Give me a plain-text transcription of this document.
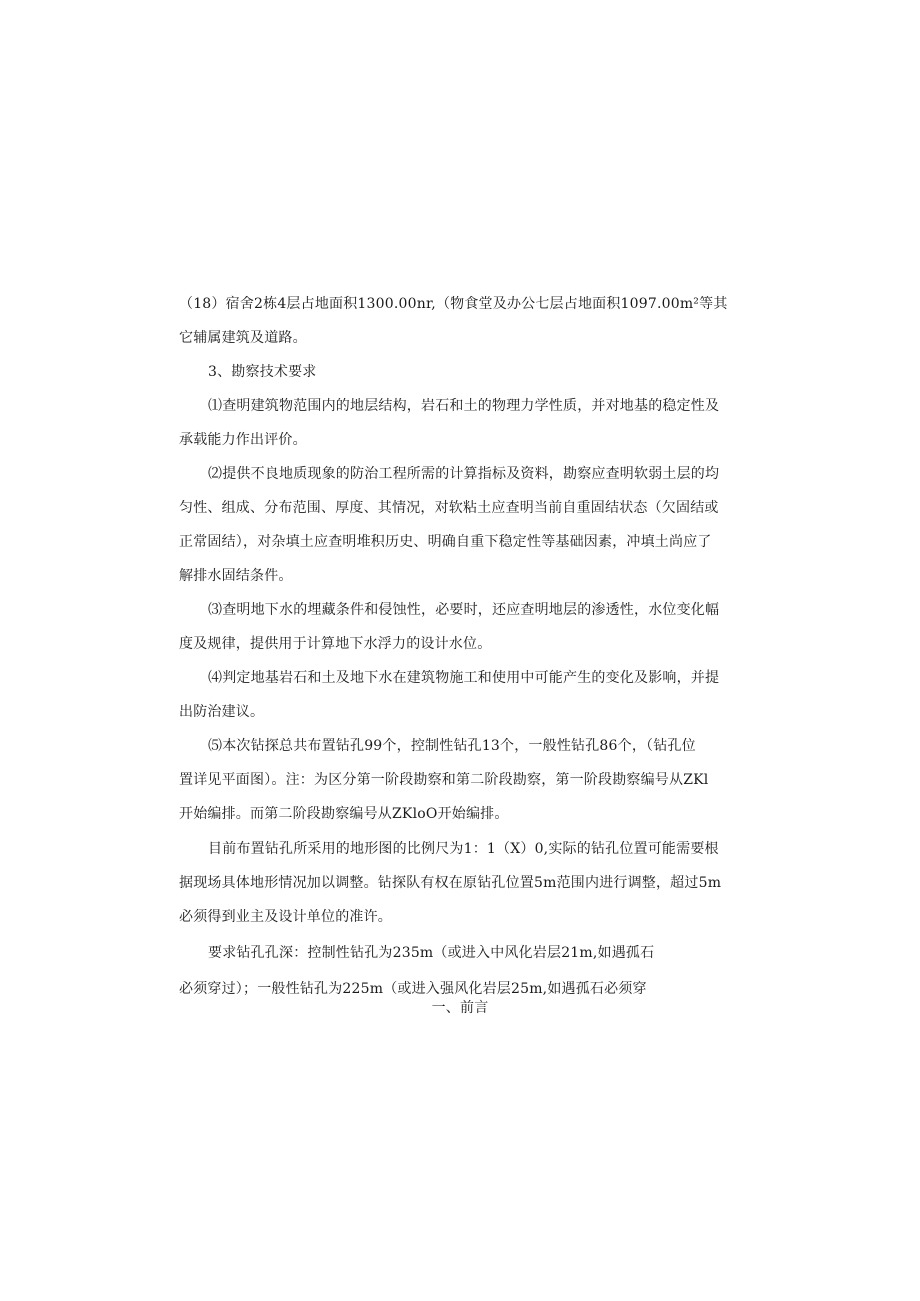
（18）宿舍2栋4层占地面积1300.00nr,（物食堂及办公七层占地面积1097.00m²等其
它辅属建筑及道路。
3、勘察技术要求
⑴查明建筑物范围内的地层结构，岩石和土的物理力学性质，并对地基的稳定性及
承载能力作出评价。
⑵提供不良地质现象的防治工程所需的计算指标及资料，勘察应查明软弱土层的均
匀性、组成、分布范围、厚度、其情况，对软粘土应查明当前自重固结状态（欠固结或
正常固结），对杂填土应查明堆积历史、明确自重下稳定性等基础因素，冲填土尚应了
解排水固结条件。
⑶查明地下水的埋藏条件和侵蚀性，必要时，还应查明地层的渗透性，水位变化幅
度及规律，提供用于计算地下水浮力的设计水位。
⑷判定地基岩石和土及地下水在建筑物施工和使用中可能产生的变化及影响，并提
出防治建议。
⑸本次钻探总共布置钻孔99个，控制性钻孔13个，一般性钻孔86个，（钻孔位
置详见平面图）。注：为区分第一阶段勘察和第二阶段勘察，第一阶段勘察编号从ZKl
开始编排。而第二阶段勘察编号从ZKloO开始编排。
目前布置钻孔所采用的地形图的比例尺为1：1（X）0,实际的钻孔位置可能需要根
据现场具体地形情况加以调整。钻探队有权在原钻孔位置5m范围内进行调整，超过5m
必须得到业主及设计单位的准许。
要求钻孔孔深：控制性钻孔为235m（或进入中风化岩层21m,如遇孤石
必须穿过）；一般性钻孔为225m（或进入强风化岩层25m,如遇孤石必须穿
一、前言
